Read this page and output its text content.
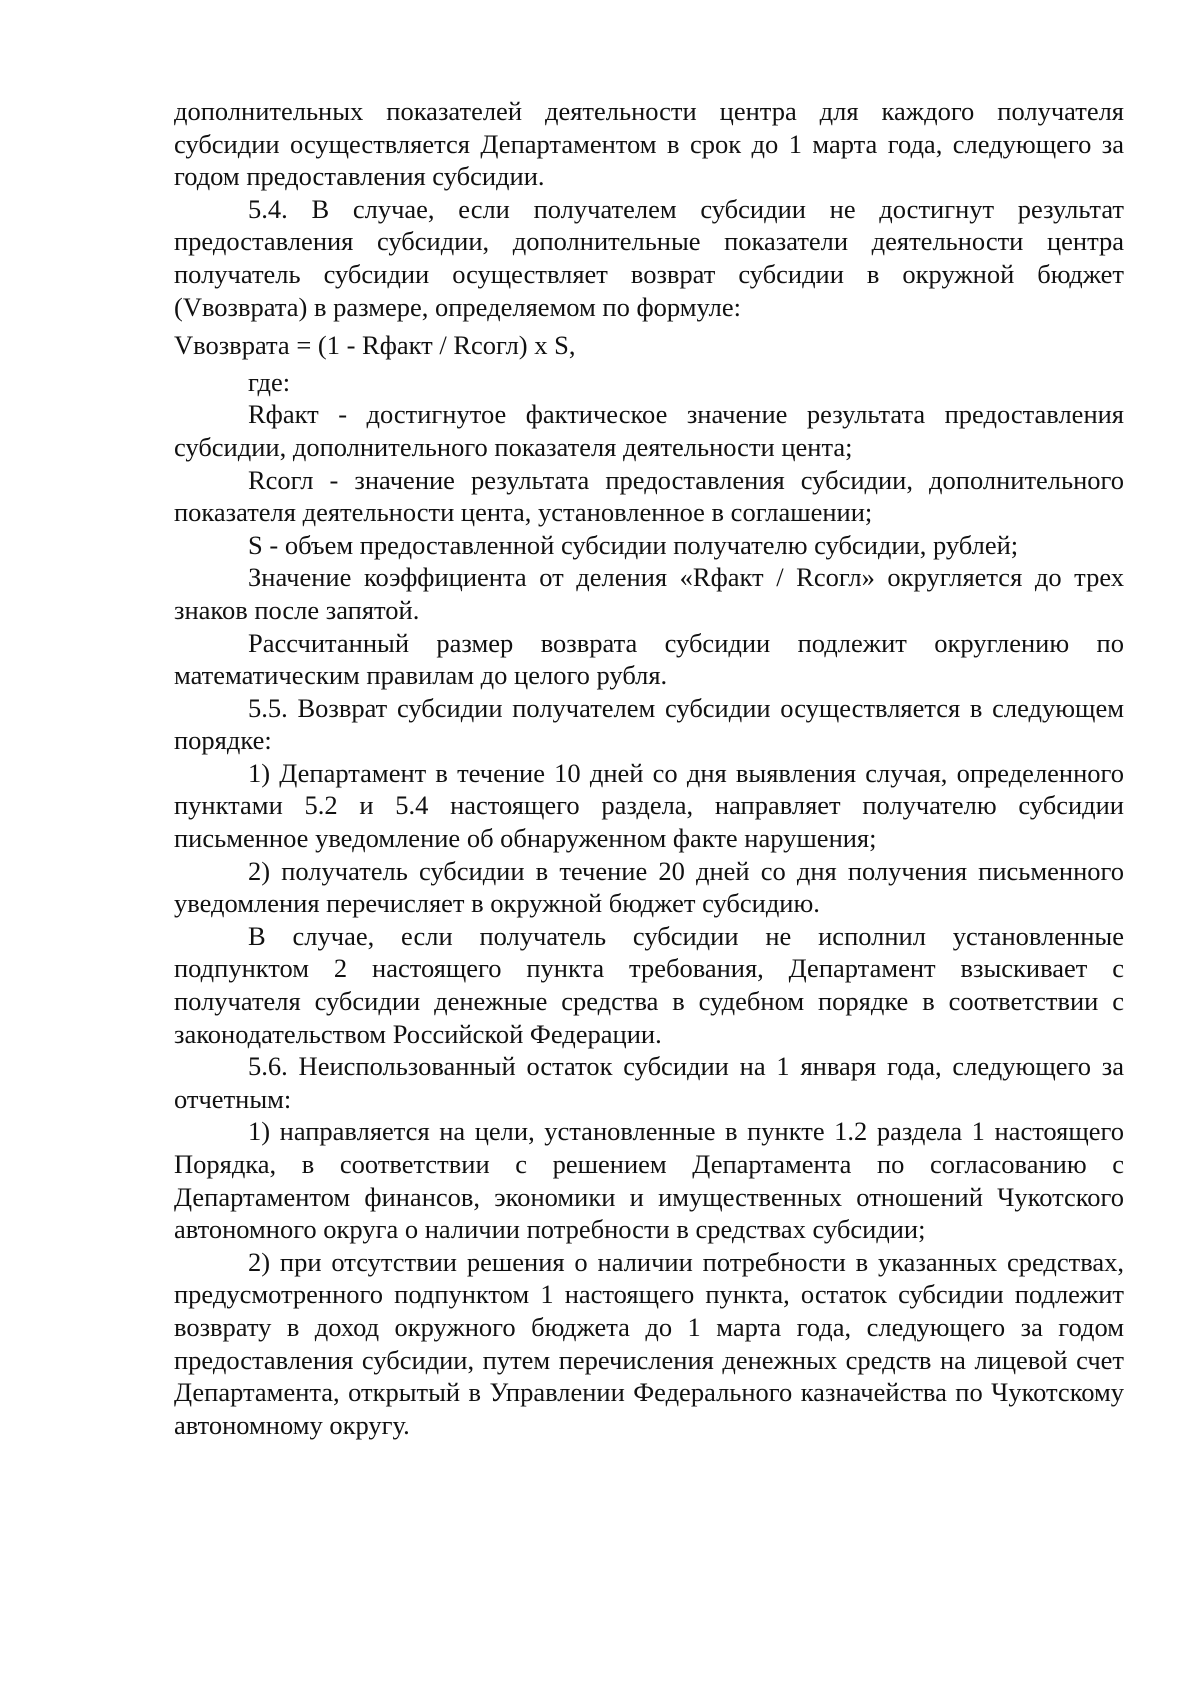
дополнительных показателей деятельности центра для каждого получателя субсидии осуществляется Департаментом в срок до 1 марта года, следующего за годом предоставления субсидии.

5.4. В случае, если получателем субсидии не достигнут результат предоставления субсидии, дополнительные показатели деятельности центра получатель субсидии осуществляет возврат субсидии в окружной бюджет (Vвозврата) в размере, определяемом по формуле:

Vвозврата = (1 - Rфакт / Rсогл) x S,

где:

Rфакт - достигнутое фактическое значение результата предоставления субсидии, дополнительного показателя деятельности цента;

Rсогл - значение результата предоставления субсидии, дополнительного показателя деятельности цента, установленное в соглашении;

S - объем предоставленной субсидии получателю субсидии, рублей;

Значение коэффициента от деления «Rфакт / Rсогл» округляется до трех знаков после запятой.

Рассчитанный размер возврата субсидии подлежит округлению по математическим правилам до целого рубля.

5.5. Возврат субсидии получателем субсидии осуществляется в следующем порядке:

1) Департамент в течение 10 дней со дня выявления случая, определенного пунктами 5.2 и 5.4 настоящего раздела, направляет получателю субсидии письменное уведомление об обнаруженном факте нарушения;

2) получатель субсидии в течение 20 дней со дня получения письменного уведомления перечисляет в окружной бюджет субсидию.

В случае, если получатель субсидии не исполнил установленные подпунктом 2 настоящего пункта требования, Департамент взыскивает с получателя субсидии денежные средства в судебном порядке в соответствии с законодательством Российской Федерации.

5.6. Неиспользованный остаток субсидии на 1 января года, следующего за отчетным:

1) направляется на цели, установленные в пункте 1.2 раздела 1 настоящего Порядка, в соответствии с решением Департамента по согласованию с Департаментом финансов, экономики и имущественных отношений Чукотского автономного округа о наличии потребности в средствах субсидии;

2) при отсутствии решения о наличии потребности в указанных средствах, предусмотренного подпунктом 1 настоящего пункта, остаток субсидии подлежит возврату в доход окружного бюджета до 1 марта года, следующего за годом предоставления субсидии, путем перечисления денежных средств на лицевой счет Департамента, открытый в Управлении Федерального казначейства по Чукотскому автономному округу.
